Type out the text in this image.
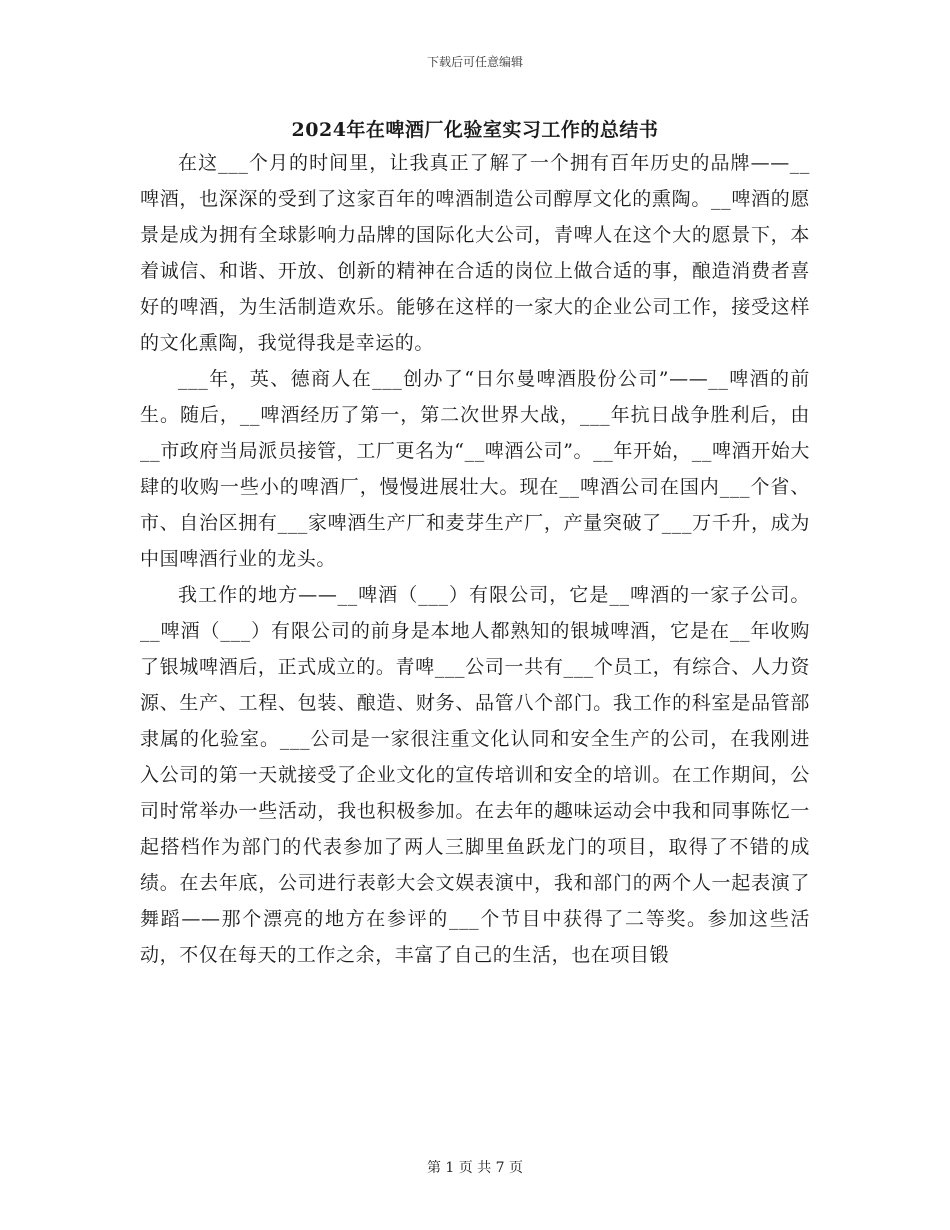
下载后可任意编辑
2024年在啤酒厂化验室实习工作的总结书

在这___个月的时间里，让我真正了解了一个拥有百年历史的品牌——__啤酒，也深深的受到了这家百年的啤酒制造公司醇厚文化的熏陶。__啤酒的愿景是成为拥有全球影响力品牌的国际化大公司，青啤人在这个大的愿景下，本着诚信、和谐、开放、创新的精神在合适的岗位上做合适的事，酿造消费者喜好的啤酒，为生活制造欢乐。能够在这样的一家大的企业公司工作，接受这样的文化熏陶，我觉得我是幸运的。

___年，英、德商人在___创办了“日尔曼啤酒股份公司”——__啤酒的前生。随后，__啤酒经历了第一，第二次世界大战，___年抗日战争胜利后，由__市政府当局派员接管，工厂更名为“__啤酒公司”。__年开始，__啤酒开始大肆的收购一些小的啤酒厂，慢慢进展壮大。现在__啤酒公司在国内___个省、市、自治区拥有___家啤酒生产厂和麦芽生产厂，产量突破了___万千升，成为中国啤酒行业的龙头。

我工作的地方——__啤酒（___）有限公司，它是__啤酒的一家子公司。__啤酒（___）有限公司的前身是本地人都熟知的银城啤酒，它是在__年收购了银城啤酒后，正式成立的。青啤___公司一共有___个员工，有综合、人力资源、生产、工程、包装、酿造、财务、品管八个部门。我工作的科室是品管部隶属的化验室。___公司是一家很注重文化认同和安全生产的公司，在我刚进入公司的第一天就接受了企业文化的宣传培训和安全的培训。在工作期间，公司时常举办一些活动，我也积极参加。在去年的趣味运动会中我和同事陈忆一起搭档作为部门的代表参加了两人三脚里鱼跃龙门的项目，取得了不错的成绩。在去年底，公司进行表彰大会文娱表演中，我和部门的两个人一起表演了舞蹈——那个漂亮的地方在参评的___个节目中获得了二等奖。参加这些活动，不仅在每天的工作之余，丰富了自己的生活，也在项目锻

第 1 页 共 7 页
